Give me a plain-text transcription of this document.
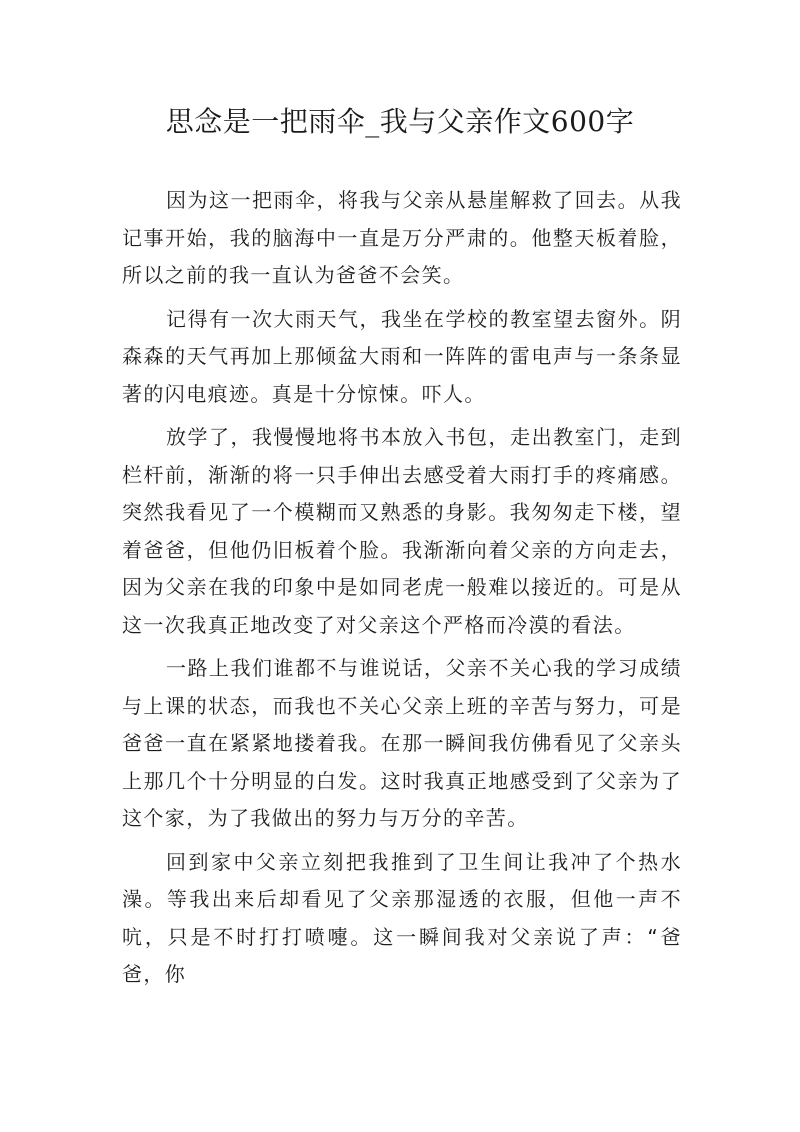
思念是一把雨伞_我与父亲作文600字

因为这一把雨伞，将我与父亲从悬崖解救了回去。从我记事开始，我的脑海中一直是万分严肃的。他整天板着脸，所以之前的我一直认为爸爸不会笑。

记得有一次大雨天气，我坐在学校的教室望去窗外。阴森森的天气再加上那倾盆大雨和一阵阵的雷电声与一条条显著的闪电痕迹。真是十分惊悚。吓人。

放学了，我慢慢地将书本放入书包，走出教室门，走到栏杆前，渐渐的将一只手伸出去感受着大雨打手的疼痛感。突然我看见了一个模糊而又熟悉的身影。我匆匆走下楼，望着爸爸，但他仍旧板着个脸。我渐渐向着父亲的方向走去，因为父亲在我的印象中是如同老虎一般难以接近的。可是从这一次我真正地改变了对父亲这个严格而冷漠的看法。

一路上我们谁都不与谁说话，父亲不关心我的学习成绩与上课的状态，而我也不关心父亲上班的辛苦与努力，可是爸爸一直在紧紧地搂着我。在那一瞬间我仿佛看见了父亲头上那几个十分明显的白发。这时我真正地感受到了父亲为了这个家，为了我做出的努力与万分的辛苦。

回到家中父亲立刻把我推到了卫生间让我冲了个热水澡。等我出来后却看见了父亲那湿透的衣服，但他一声不吭，只是不时打打喷嚏。这一瞬间我对父亲说了声：“爸爸，你
